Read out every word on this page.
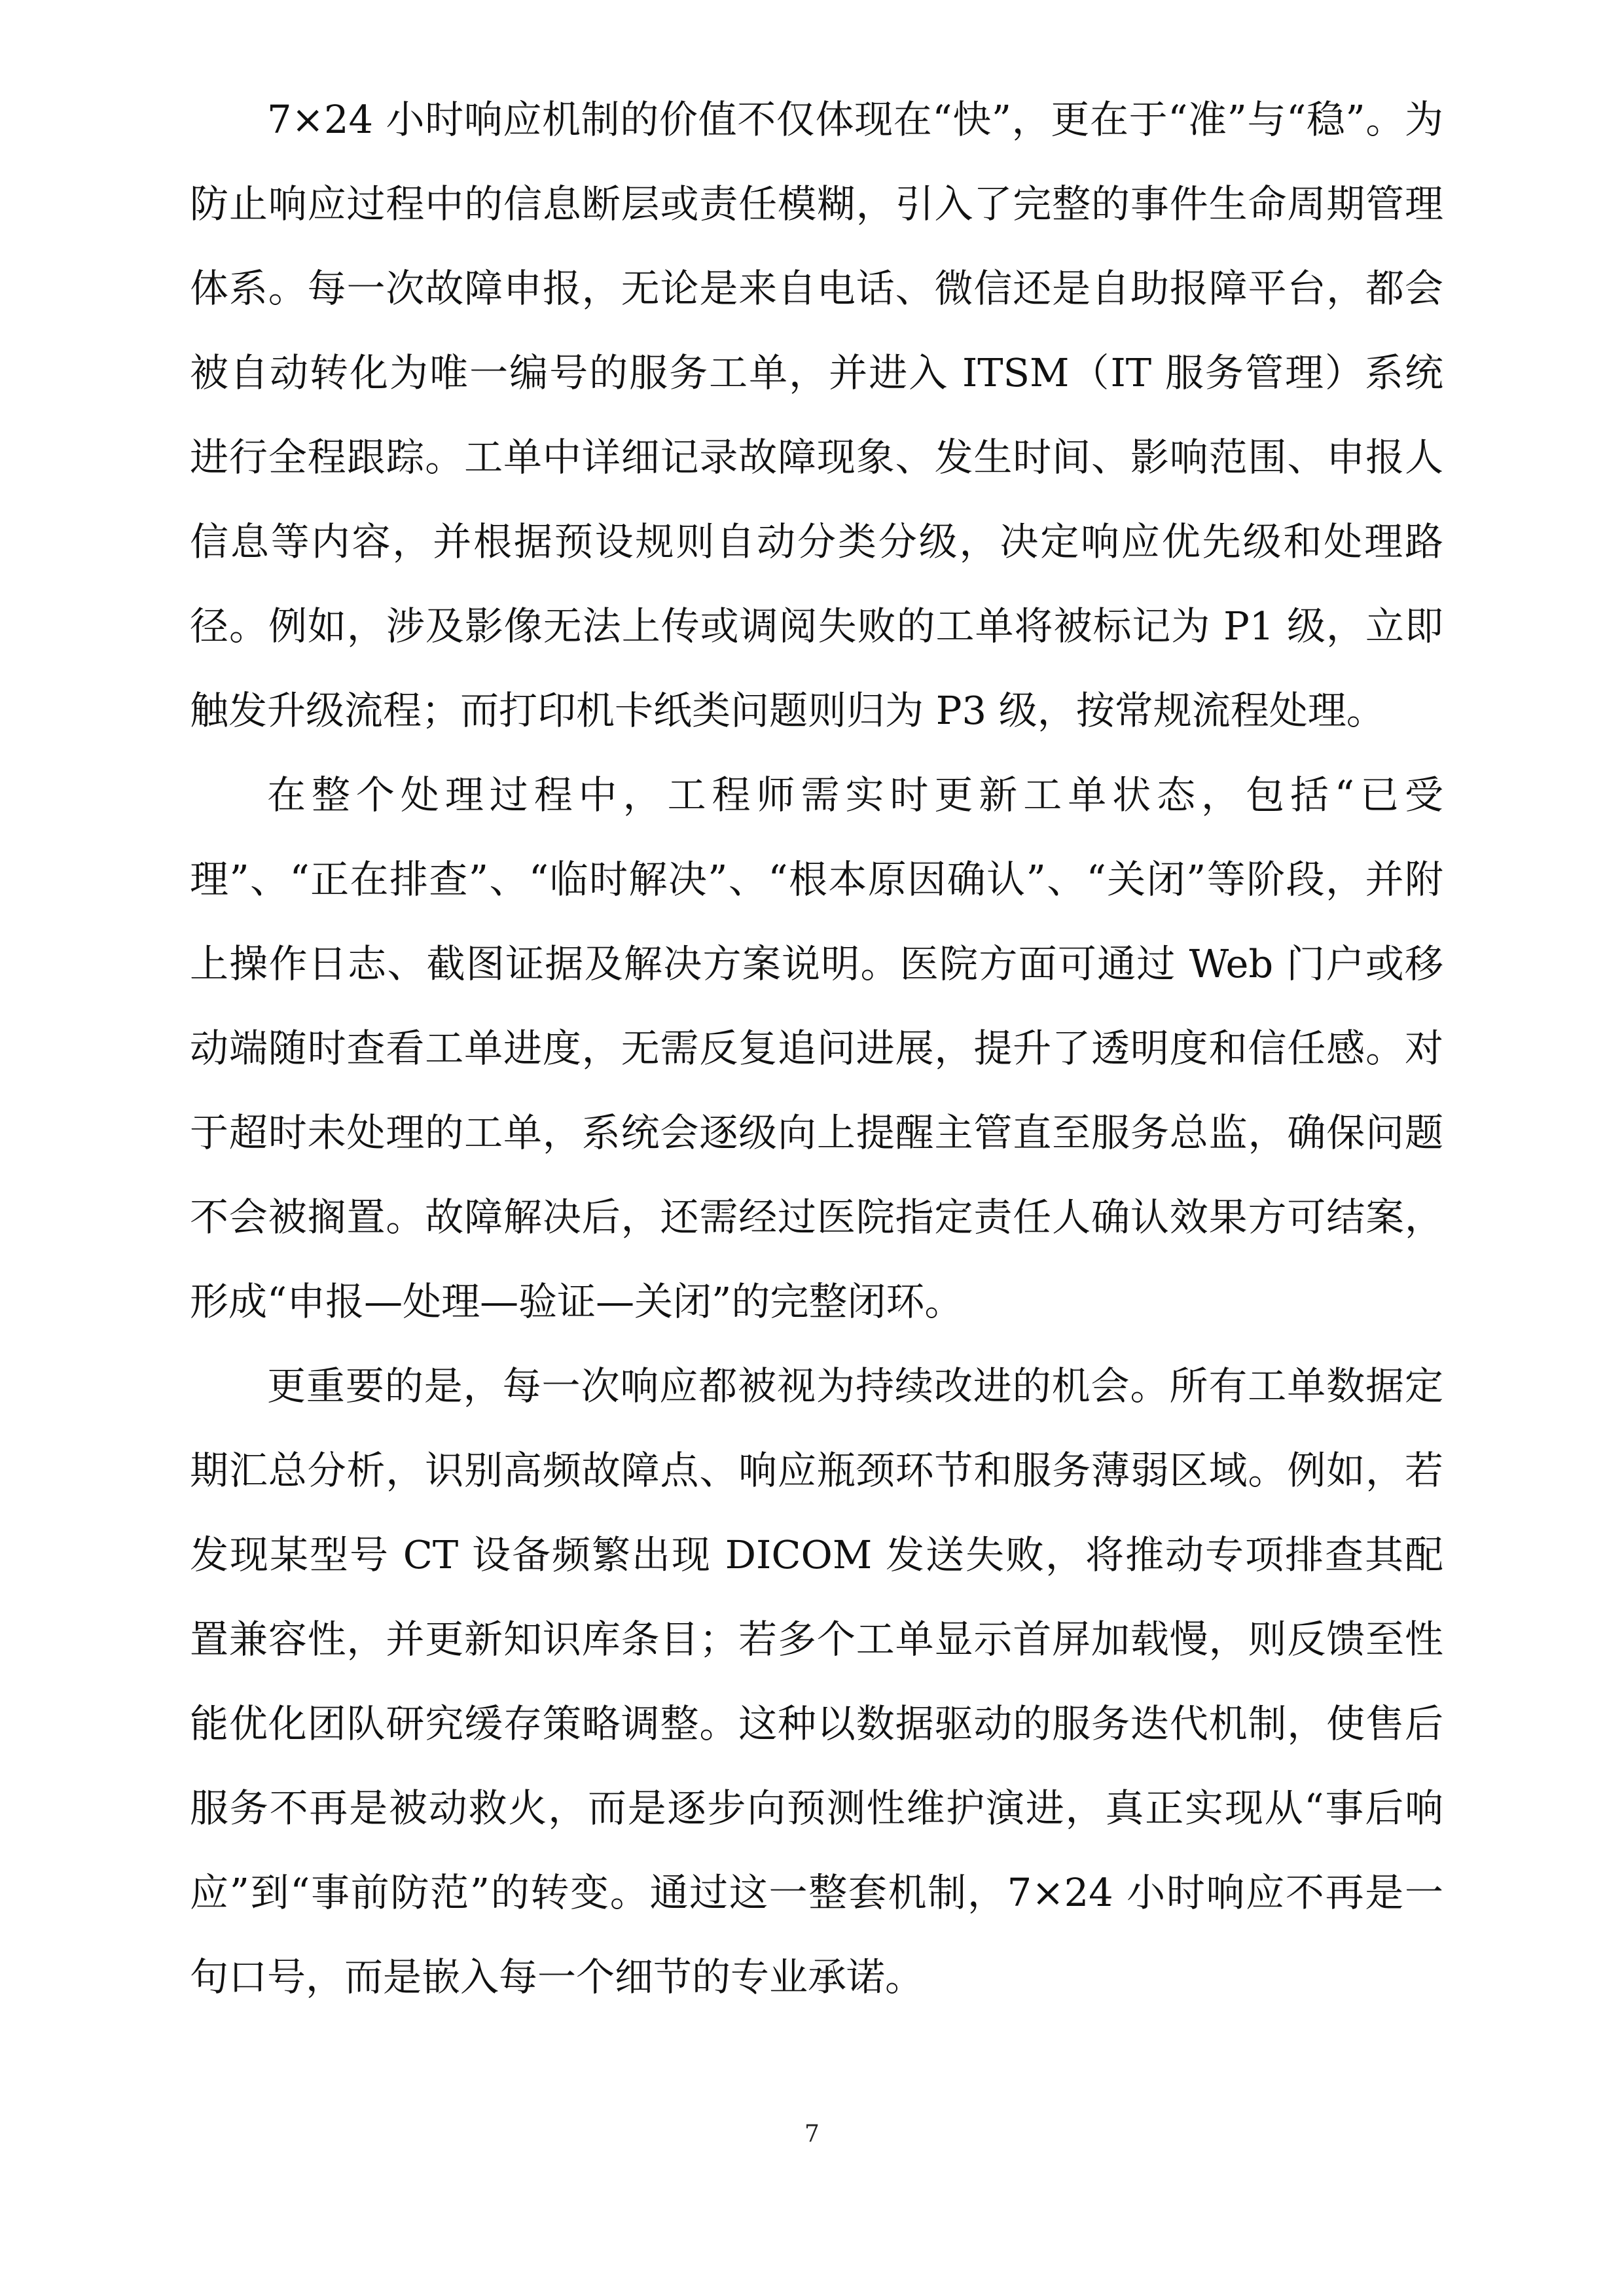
7×24 小时响应机制的价值不仅体现在“快”，更在于“准”与“稳”。为防止响应过程中的信息断层或责任模糊，引入了完整的事件生命周期管理体系。每一次故障申报，无论是来自电话、微信还是自助报障平台，都会被自动转化为唯一编号的服务工单，并进入 ITSM（IT 服务管理）系统进行全程跟踪。工单中详细记录故障现象、发生时间、影响范围、申报人信息等内容，并根据预设规则自动分类分级，决定响应优先级和处理路径。例如，涉及影像无法上传或调阅失败的工单将被标记为 P1 级，立即触发升级流程；而打印机卡纸类问题则归为 P3 级，按常规流程处理。

在整个处理过程中，工程师需实时更新工单状态，包括“已受理”、“正在排查”、“临时解决”、“根本原因确认”、“关闭”等阶段，并附上操作日志、截图证据及解决方案说明。医院方面可通过 Web 门户或移动端随时查看工单进度，无需反复追问进展，提升了透明度和信任感。对于超时未处理的工单，系统会逐级向上提醒主管直至服务总监，确保问题不会被搁置。故障解决后，还需经过医院指定责任人确认效果方可结案，形成“申报—处理—验证—关闭”的完整闭环。

更重要的是，每一次响应都被视为持续改进的机会。所有工单数据定期汇总分析，识别高频故障点、响应瓶颈环节和服务薄弱区域。例如，若发现某型号 CT 设备频繁出现 DICOM 发送失败，将推动专项排查其配置兼容性，并更新知识库条目；若多个工单显示首屏加载慢，则反馈至性能优化团队研究缓存策略调整。这种以数据驱动的服务迭代机制，使售后服务不再是被动救火，而是逐步向预测性维护演进，真正实现从“事后响应”到“事前防范”的转变。通过这一整套机制，7×24 小时响应不再是一句口号，而是嵌入每一个细节的专业承诺。

7
